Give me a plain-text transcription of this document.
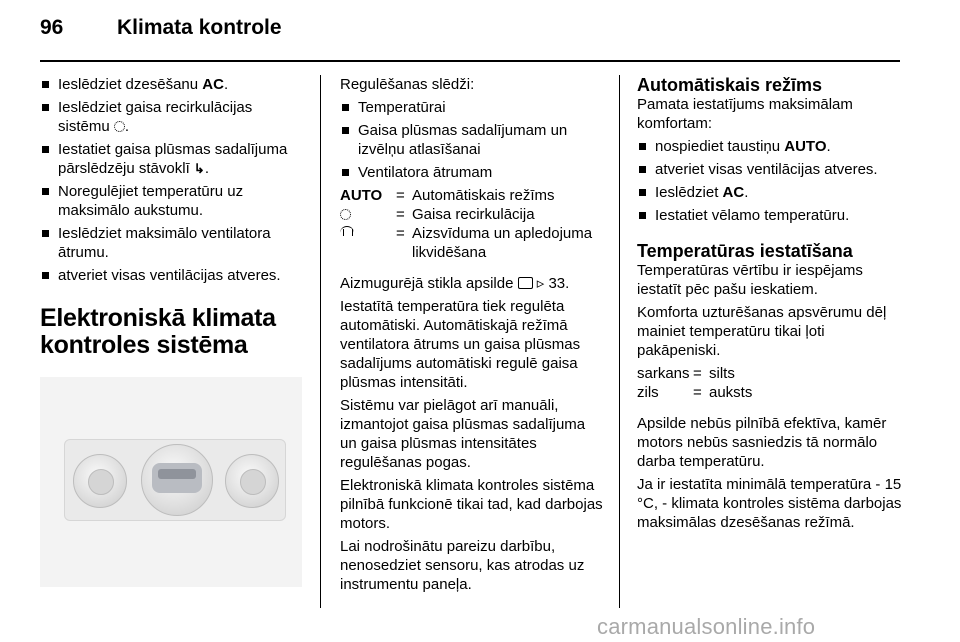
96	Klimata kontrole
Ieslēdziet dzesēšanu AC.
Ieslēdziet gaisa recirkulācijas sistēmu .
Iestatiet gaisa plūsmas sadalījuma pārslēdzēju stāvoklī ↳.
Noregulējiet temperatūru uz maksimālo aukstumu.
Ieslēdziet maksimālo ventilatora ātrumu.
atveriet visas ventilācijas atveres.
Elektroniskā klimata kontroles sistēma

Regulēšanas slēdži:

Temperatūrai
Gaisa plūsmas sadalījumam un izvēlņu atlasīšanai
Ventilatora ātrumam
AUTO	=	Automātiskais režīms
	=	Gaisa recirkulācija
	=	Aizsvīduma un apledojuma likvidēšana

Aizmugurējā stikla apsilde ▹ 33.

Iestatītā temperatūra tiek regulēta automātiski. Automātiskajā režīmā ventilatora ātrums un gaisa plūsmas sadalījums automātiski regulē gaisa plūsmas intensitāti.

Sistēmu var pielāgot arī manuāli, izmantojot gaisa plūsmas sadalījuma un gaisa plūsmas intensitātes regulēšanas pogas.

Elektroniskā klimata kontroles sistēma pilnībā funkcionē tikai tad, kad darbojas motors.

Lai nodrošinātu pareizu darbību, nenosedziet sensoru, kas atrodas uz instrumentu paneļa.

Automātiskais režīms

Pamata iestatījums maksimālam komfortam:

nospiediet taustiņu AUTO.
atveriet visas ventilācijas atveres.
Ieslēdziet AC.
Iestatiet vēlamo temperatūru.
Temperatūras iestatīšana

Temperatūras vērtību ir iespējams iestatīt pēc pašu ieskatiem.

Komforta uzturēšanas apsvērumu dēļ mainiet temperatūru tikai ļoti pakāpeniski.

sarkans	=	silts
zils	=	auksts

Apsilde nebūs pilnībā efektīva, kamēr motors nebūs sasniedzis tā normālo darba temperatūru.

Ja ir iestatīta minimālā temperatūra - 15 °C, - klimata kontroles sistēma darbojas maksimālas dzesēšanas režīmā.

carmanualsonline.info
